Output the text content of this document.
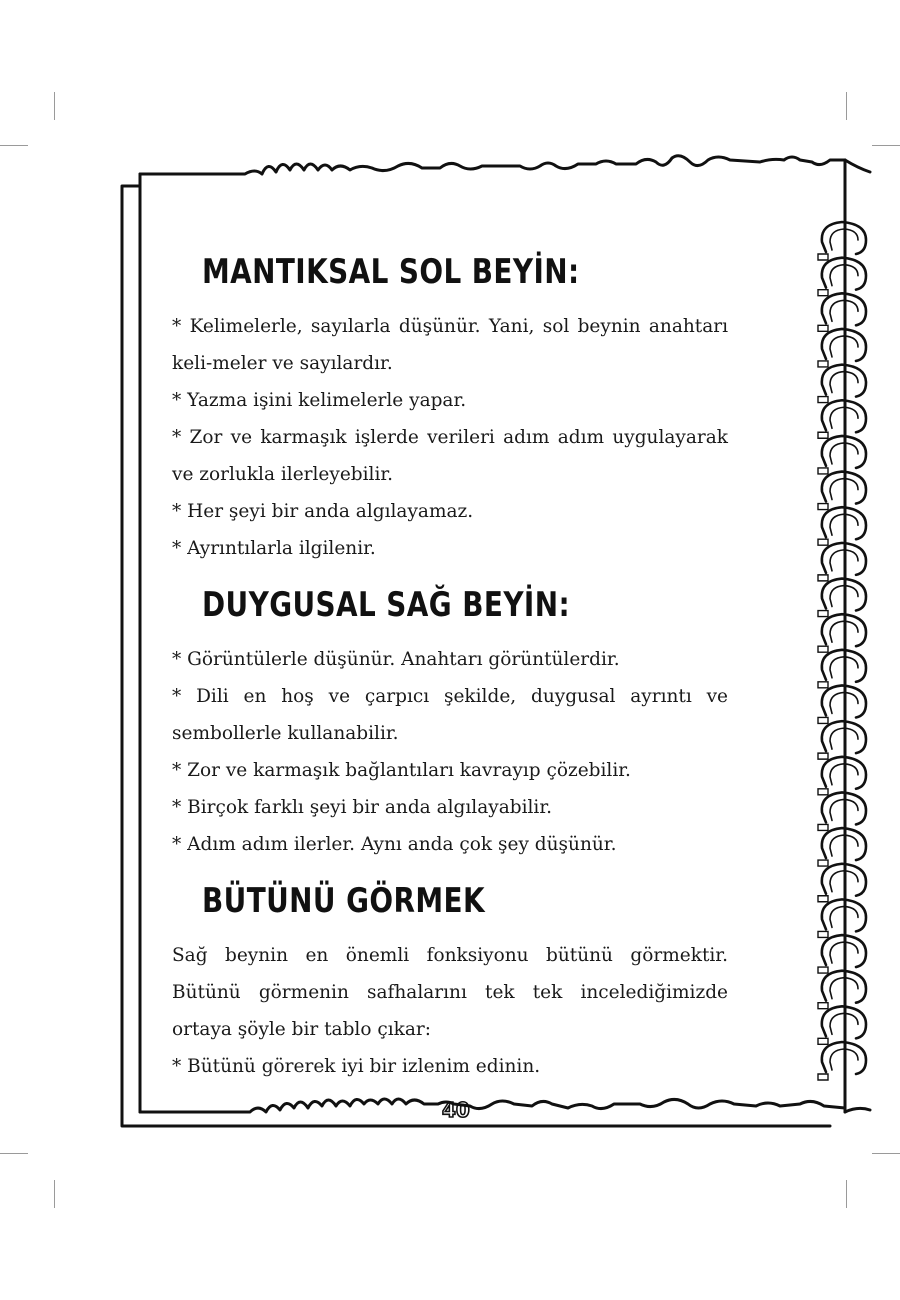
40
MANTIKSAL SOL BEYİN:

* Kelimelerle, sayılarla düşünür. Yani, sol beynin anahtarı keli-meler ve sayılardır.

* Yazma işini kelimelerle yapar.

* Zor ve karmaşık işlerde verileri adım adım uygulayarak ve zorlukla ilerleyebilir.

* Her şeyi bir anda algılayamaz.

* Ayrıntılarla ilgilenir.

DUYGUSAL SAĞ BEYİN:

* Görüntülerle düşünür. Anahtarı görüntülerdir.

* Dili en hoş ve çarpıcı şekilde, duygusal ayrıntı ve sembollerle kullanabilir.

* Zor ve karmaşık bağlantıları kavrayıp çözebilir.

* Birçok farklı şeyi bir anda algılayabilir.

* Adım adım ilerler. Aynı anda çok şey düşünür.

BÜTÜNÜ GÖRMEK

Sağ beynin en önemli fonksiyonu bütünü görmektir. Bütünü görmenin safhalarını tek tek incelediğimizde ortaya şöyle bir tablo çıkar:

* Bütünü görerek iyi bir izlenim edinin.
